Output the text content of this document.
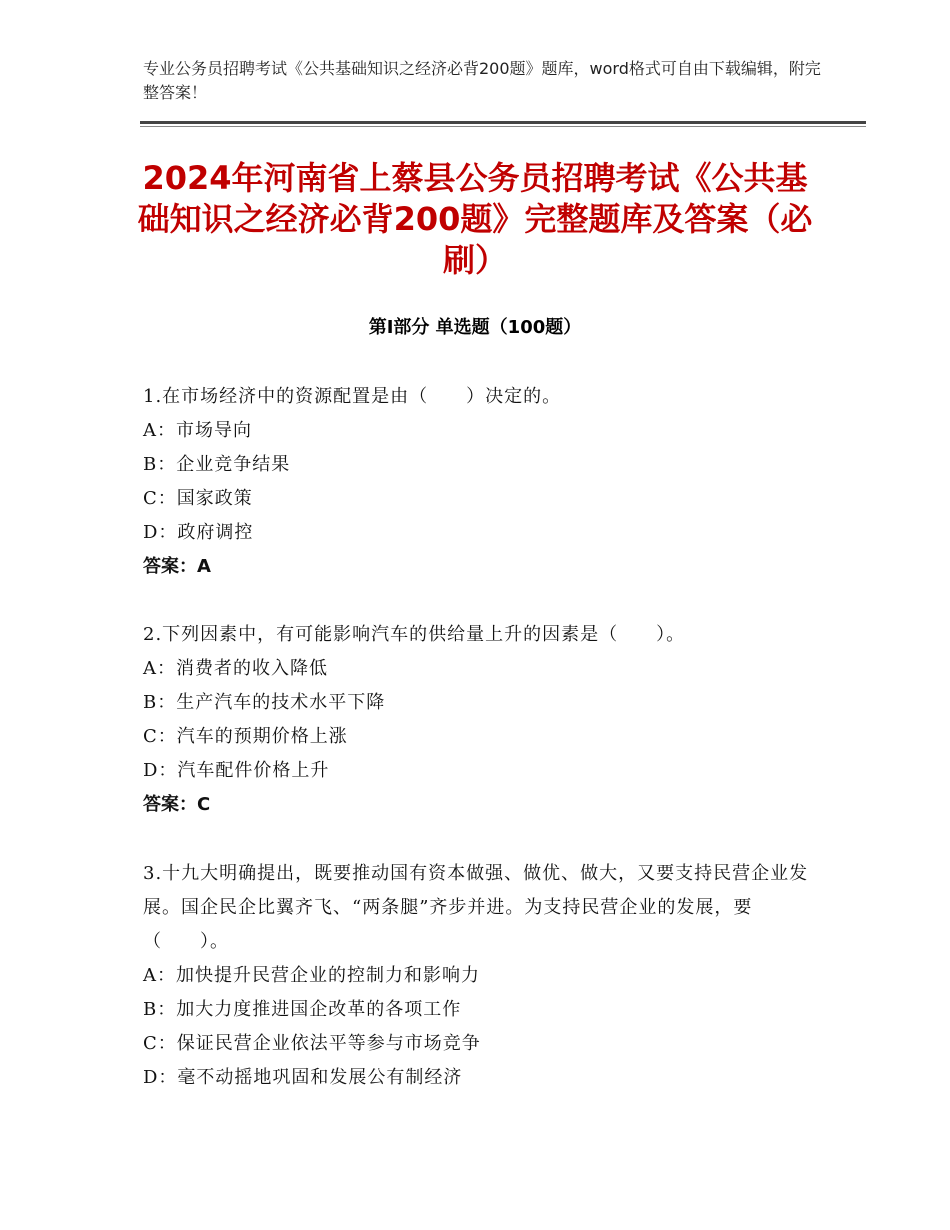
专业公务员招聘考试《公共基础知识之经济必背200题》题库，word格式可自由下载编辑，附完整答案！
2024年河南省上蔡县公务员招聘考试《公共基础知识之经济必背200题》完整题库及答案（必刷）
第I部分 单选题（100题）
1.在市场经济中的资源配置是由（　　）决定的。
A：市场导向
B：企业竞争结果
C：国家政策
D：政府调控
答案：A
2.下列因素中，有可能影响汽车的供给量上升的因素是（　　）。
A：消费者的收入降低
B：生产汽车的技术水平下降
C：汽车的预期价格上涨
D：汽车配件价格上升
答案：C
3.十九大明确提出，既要推动国有资本做强、做优、做大，又要支持民营企业发展。国企民企比翼齐飞、“两条腿”齐步并进。为支持民营企业的发展，要（　　）。
A：加快提升民营企业的控制力和影响力
B：加大力度推进国企改革的各项工作
C：保证民营企业依法平等参与市场竞争
D：毫不动摇地巩固和发展公有制经济
